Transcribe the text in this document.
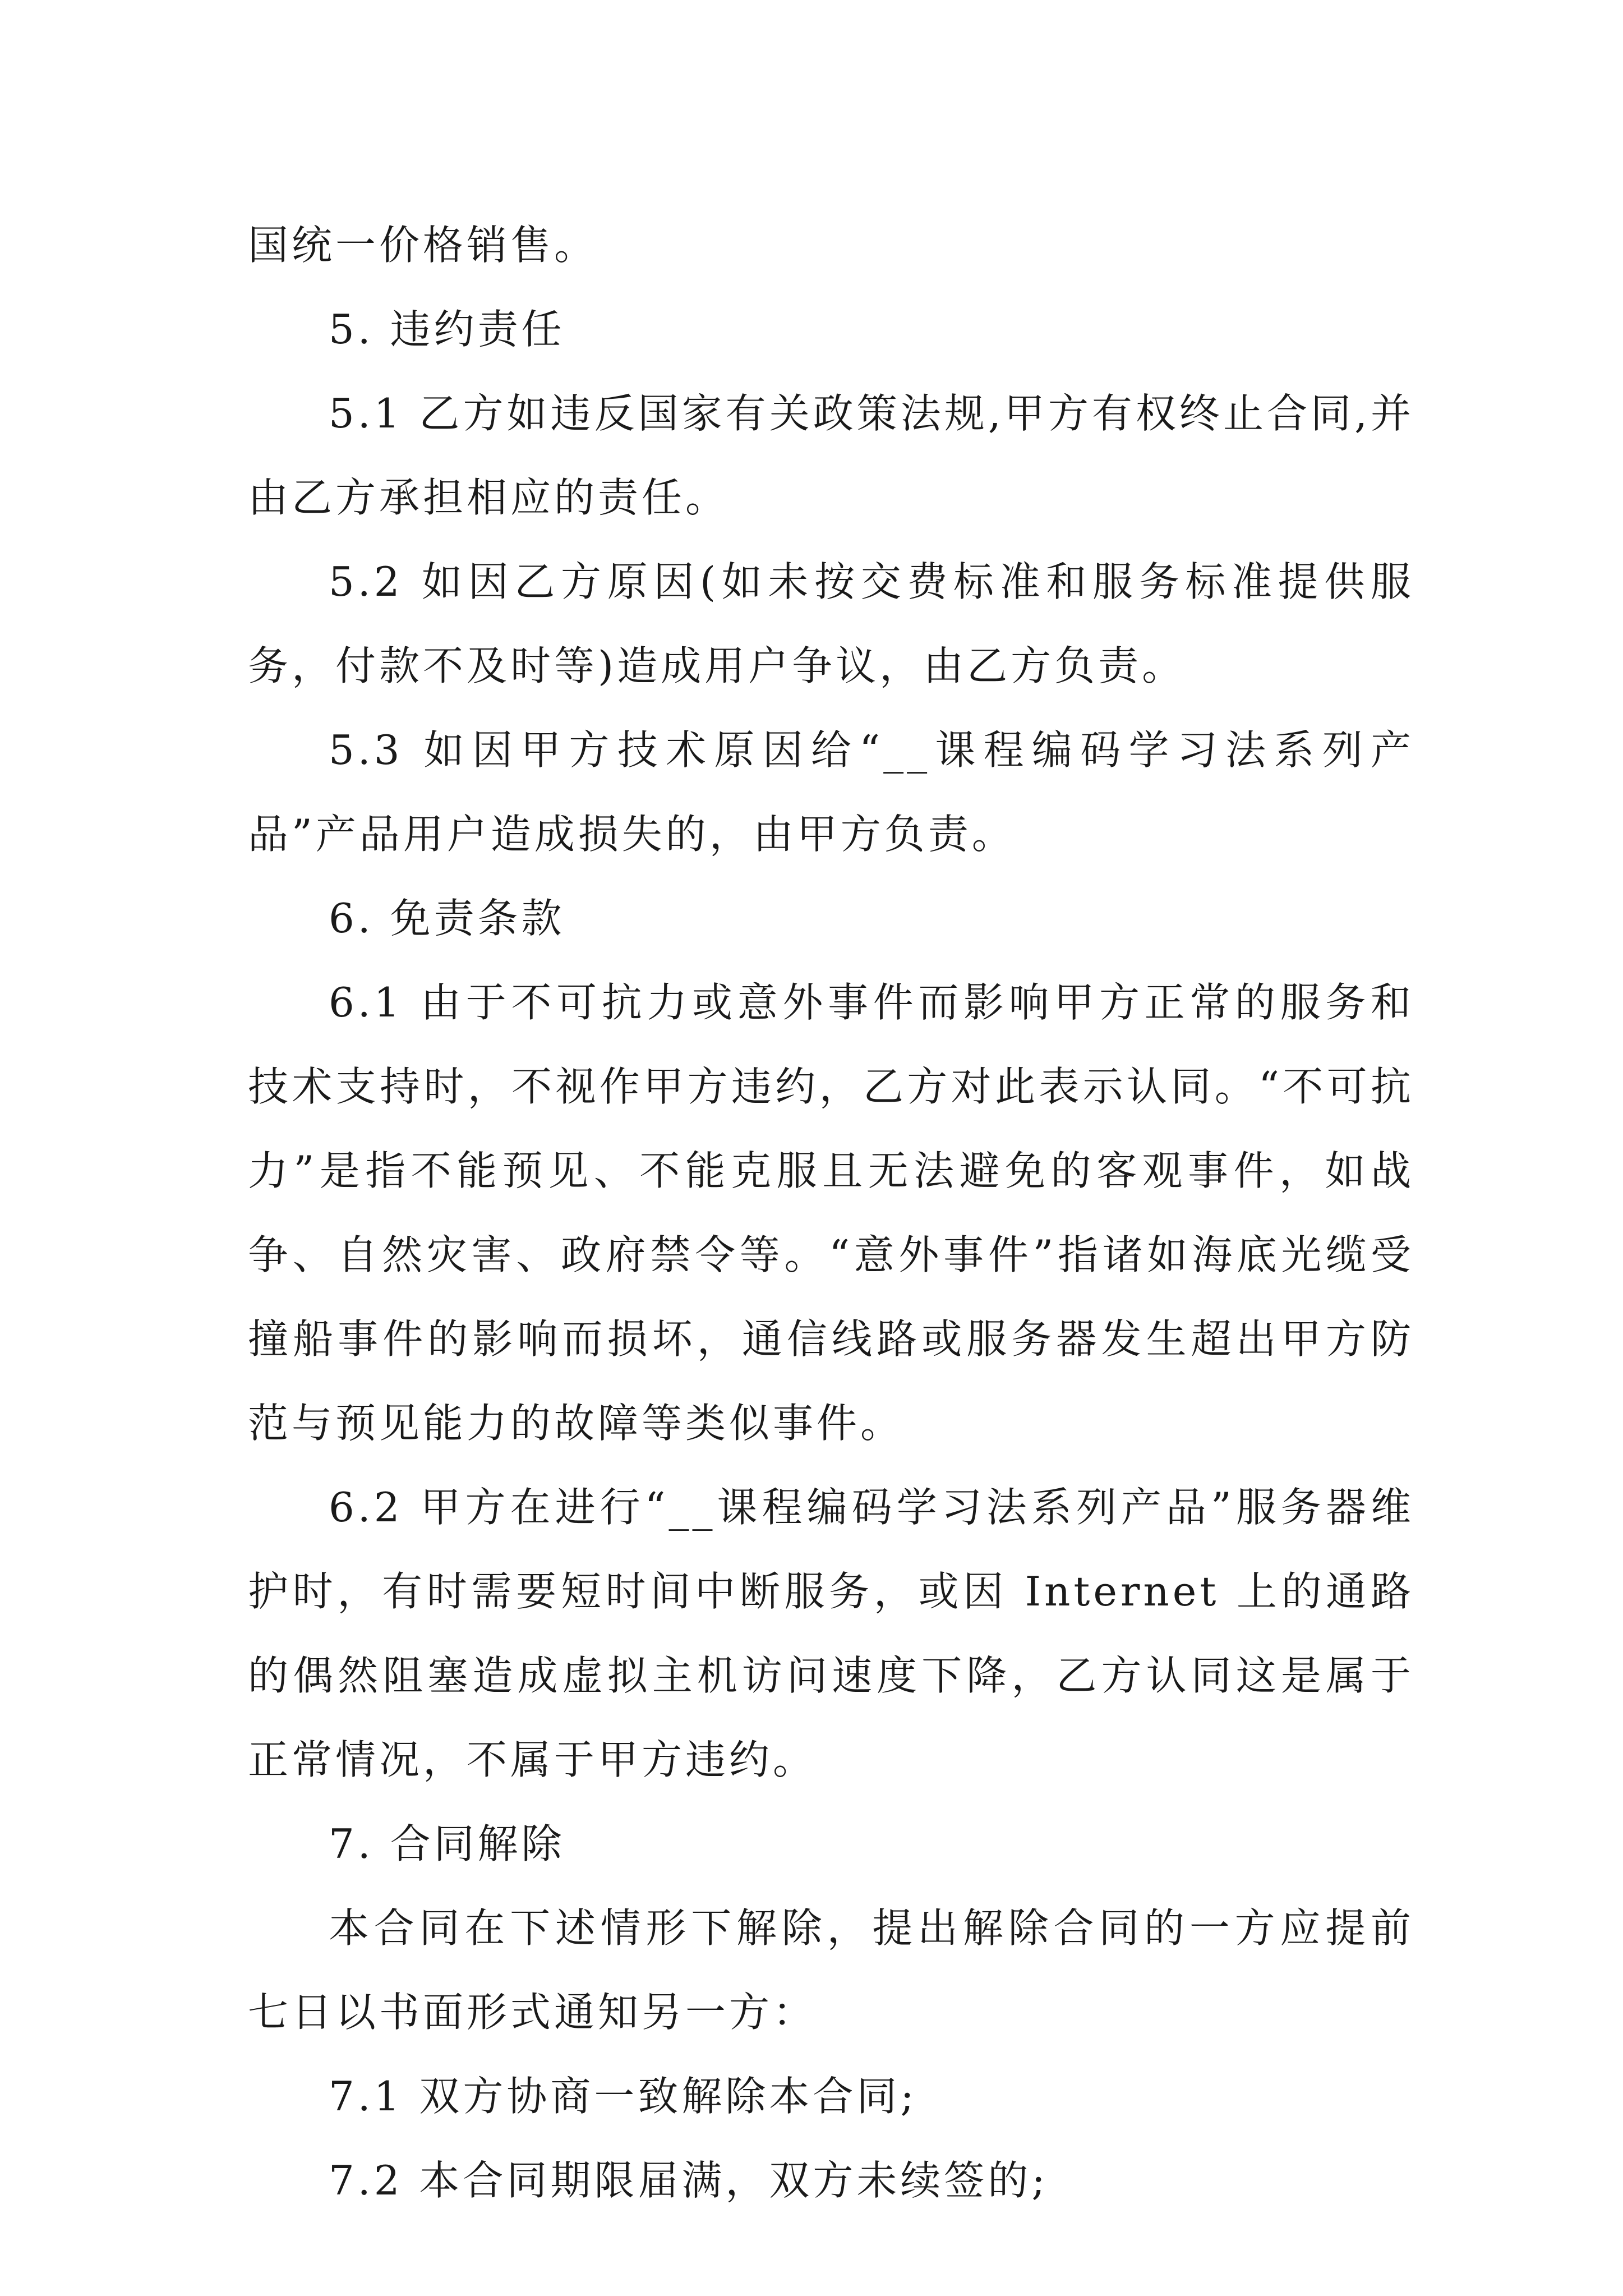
国统一价格销售。

5. 违约责任

5.1 乙方如违反国家有关政策法规,甲方有权终止合同,并由乙方承担相应的责任。

5.2 如因乙方原因(如未按交费标准和服务标准提供服务，付款不及时等)造成用户争议，由乙方负责。

5.3 如因甲方技术原因给“__课程编码学习法系列产品”产品用户造成损失的，由甲方负责。

6. 免责条款

6.1 由于不可抗力或意外事件而影响甲方正常的服务和技术支持时，不视作甲方违约，乙方对此表示认同。“不可抗力”是指不能预见、不能克服且无法避免的客观事件，如战争、自然灾害、政府禁令等。“意外事件”指诸如海底光缆受撞船事件的影响而损坏，通信线路或服务器发生超出甲方防范与预见能力的故障等类似事件。

6.2 甲方在进行“__课程编码学习法系列产品”服务器维护时，有时需要短时间中断服务，或因 Internet 上的通路的偶然阻塞造成虚拟主机访问速度下降，乙方认同这是属于正常情况，不属于甲方违约。

7. 合同解除

本合同在下述情形下解除，提出解除合同的一方应提前七日以书面形式通知另一方：

7.1 双方协商一致解除本合同;

7.2 本合同期限届满，双方未续签的;
